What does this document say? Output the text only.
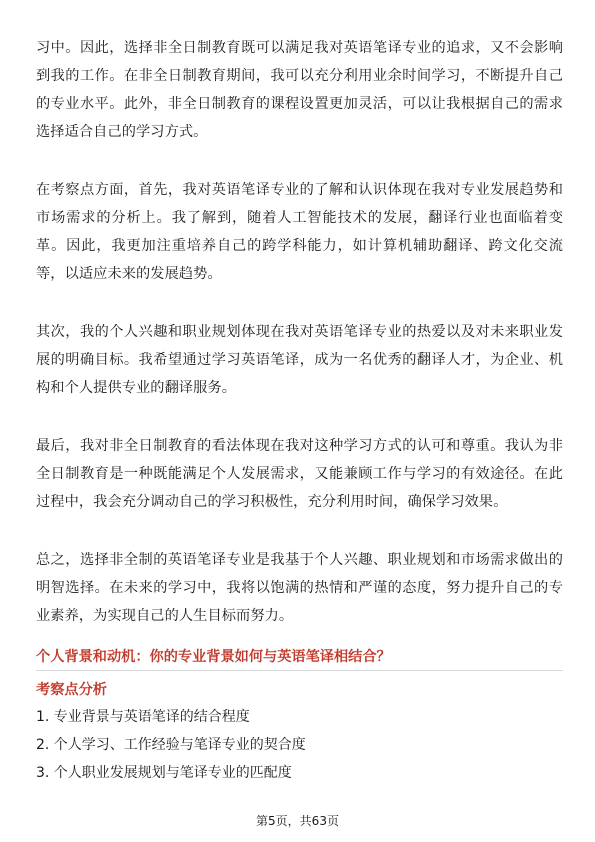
习中。因此，选择非全日制教育既可以满足我对英语笔译专业的追求，又不会影响到我的工作。在非全日制教育期间，我可以充分利用业余时间学习，不断提升自己的专业水平。此外，非全日制教育的课程设置更加灵活，可以让我根据自己的需求选择适合自己的学习方式。

在考察点方面，首先，我对英语笔译专业的了解和认识体现在我对专业发展趋势和市场需求的分析上。我了解到，随着人工智能技术的发展，翻译行业也面临着变革。因此，我更加注重培养自己的跨学科能力，如计算机辅助翻译、跨文化交流等，以适应未来的发展趋势。

其次，我的个人兴趣和职业规划体现在我对英语笔译专业的热爱以及对未来职业发展的明确目标。我希望通过学习英语笔译，成为一名优秀的翻译人才，为企业、机构和个人提供专业的翻译服务。

最后，我对非全日制教育的看法体现在我对这种学习方式的认可和尊重。我认为非全日制教育是一种既能满足个人发展需求，又能兼顾工作与学习的有效途径。在此过程中，我会充分调动自己的学习积极性，充分利用时间，确保学习效果。

总之，选择非全制的英语笔译专业是我基于个人兴趣、职业规划和市场需求做出的明智选择。在未来的学习中，我将以饱满的热情和严谨的态度，努力提升自己的专业素养，为实现自己的人生目标而努力。

个人背景和动机：你的专业背景如何与英语笔译相结合？
考察点分析
1. 专业背景与英语笔译的结合程度
2. 个人学习、工作经验与笔译专业的契合度
3. 个人职业发展规划与笔译专业的匹配度
第5页，共63页
